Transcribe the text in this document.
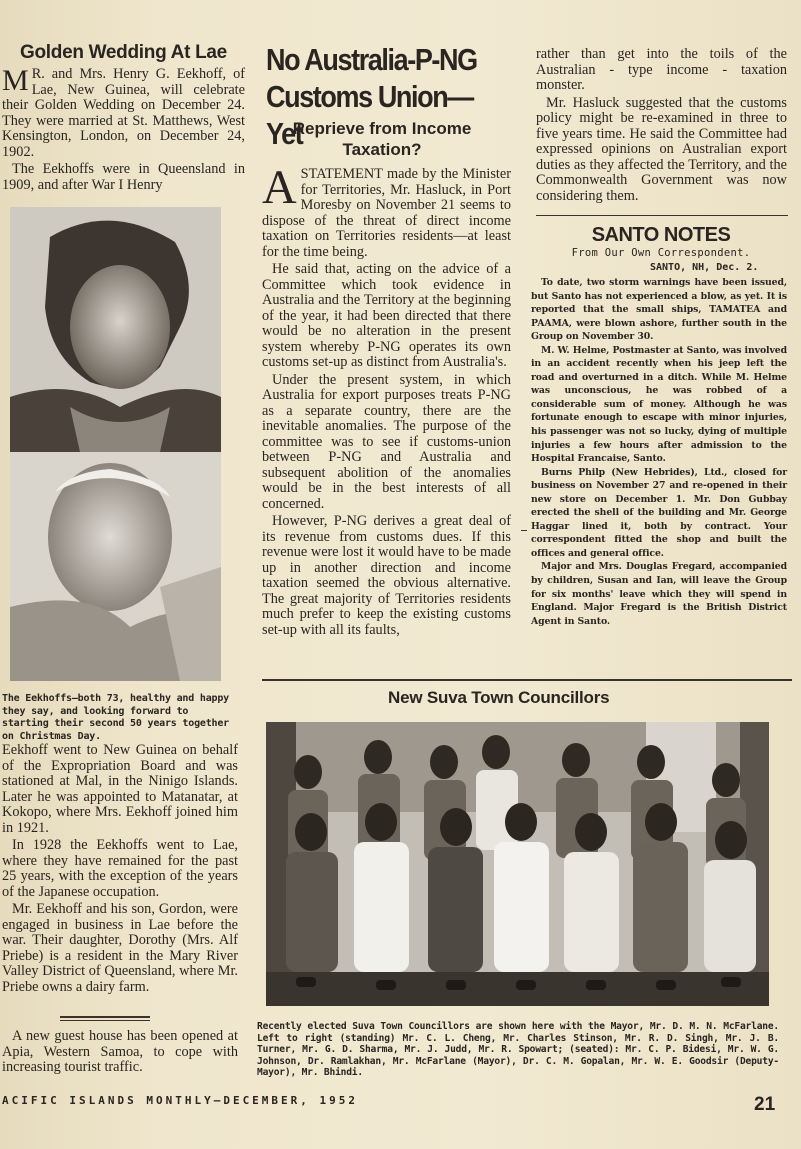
Golden Wedding At Lae
M R. and Mrs. Henry G. Eekhoff, of Lae, New Guinea, will celebrate their Golden Wedding on December 24. They were married at St. Matthews, West Kensington, London, on December 24, 1902.

The Eekhoffs were in Queensland in 1909, and after War I Henry

The Eekhoffs—both 73, healthy and happy they say, and looking forward to starting their second 50 years together on Christmas Day.

Eekhoff went to New Guinea on behalf of the Expropriation Board and was stationed at Mal, in the Ninigo Islands. Later he was appointed to Matanatar, at Kokopo, where Mrs. Eekhoff joined him in 1921.

In 1928 the Eekhoffs went to Lae, where they have remained for the past 25 years, with the exception of the years of the Japanese occupation.

Mr. Eekhoff and his son, Gordon, were engaged in business in Lae before the war. Their daughter, Dorothy (Mrs. Alf Priebe) is a resident in the Mary River Valley District of Queensland, where Mr. Priebe owns a dairy farm.

A new guest house has been opened at Apia, Western Samoa, to cope with increasing tourist traffic.

No Australia-P-NG Customs Union—Yet
Reprieve from Income Taxation?

A STATEMENT made by the Minister for Territories, Mr. Hasluck, in Port Moresby on November 21 seems to dispose of the threat of direct income taxation on Territories residents—at least for the time being.

He said that, acting on the advice of a Committee which took evidence in Australia and the Territory at the beginning of the year, it had been directed that there would be no alteration in the present system whereby P-NG operates its own customs set-up as distinct from Australia's.

Under the present system, in which Australia for export purposes treats P-NG as a separate country, there are the inevitable anomalies. The purpose of the committee was to see if customs-union between P-NG and Australia and subsequent abolition of the anomalies would be in the best interests of all concerned.

However, P-NG derives a great deal of its revenue from customs dues. If this revenue were lost it would have to be made up in another direction and income taxation seemed the obvious alternative. The great majority of Territories residents much prefer to keep the existing customs set-up with all its faults,

rather than get into the toils of the Australian - type income - taxation monster.

Mr. Hasluck suggested that the customs policy might be re-examined in three to five years time. He said the Committee had expressed opinions on Australian export duties as they affected the Territory, and the Commonwealth Government was now considering them.

SANTO NOTES
From Our Own Correspondent.
SANTO, NH, Dec. 2.

To date, two storm warnings have been issued, but Santo has not experienced a blow, as yet. It is reported that the small ships, TAMATEA and PAAMA, were blown ashore, further south in the Group on November 30.

M. W. Helme, Postmaster at Santo, was involved in an accident recently when his jeep left the road and overturned in a ditch. While M. Helme was unconscious, he was robbed of a considerable sum of money. Although he was fortunate enough to escape with minor injuries, his passenger was not so lucky, dying of multiple injuries a few hours after admission to the Hospital Francaise, Santo.

Burns Philp (New Hebrides), Ltd., closed for business on November 27 and re-opened in their new store on December 1. Mr. Don Gubbay erected the shell of the building and Mr. George Haggar lined it, both by contract. Your correspondent fitted the shop and built the offices and general office.

Major and Mrs. Douglas Fregard, accompanied by children, Susan and Ian, will leave the Group for six months' leave which they will spend in England. Major Fregard is the British District Agent in Santo.

New Suva Town Councillors
Recently elected Suva Town Councillors are shown here with the Mayor, Mr. D. M. N. McFarlane. Left to right (standing) Mr. C. L. Cheng, Mr. Charles Stinson, Mr. R. D. Singh, Mr. J. B. Turner, Mr. G. D. Sharma, Mr. J. Judd, Mr. R. Spowart; (seated): Mr. C. P. Bidesi, Mr. W. G. Johnson, Dr. Ramlakhan, Mr. McFarlane (Mayor), Dr. C. M. Gopalan, Mr. W. E. Goodsir (Deputy-Mayor), Mr. Bhindi.
ACIFIC ISLANDS MONTHLY—DECEMBER, 1952	21
